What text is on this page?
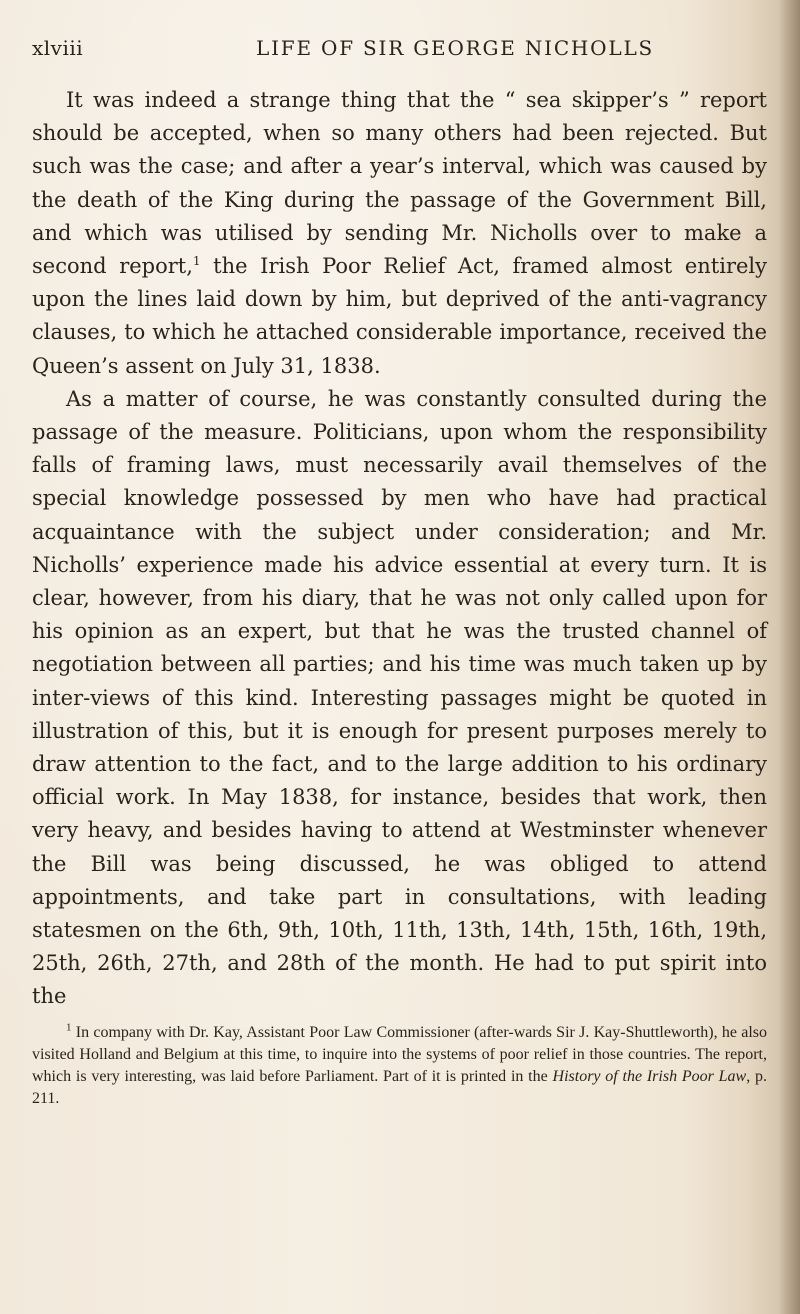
xlviii	LIFE OF SIR GEORGE NICHOLLS

It was indeed a strange thing that the “ sea skipper’s ” report should be accepted, when so many others had been rejected. But such was the case; and after a year’s interval, which was caused by the death of the King during the passage of the Government Bill, and which was utilised by sending Mr. Nicholls over to make a second report,$^1$ the Irish Poor Relief Act, framed almost entirely upon the lines laid down by him, but deprived of the anti-vagrancy clauses, to which he attached considerable importance, received the Queen’s assent on July 31, 1838.

As a matter of course, he was constantly consulted during the passage of the measure. Politicians, upon whom the responsibility falls of framing laws, must necessarily avail themselves of the special knowledge possessed by men who have had practical acquaintance with the subject under consideration; and Mr. Nicholls’ experience made his advice essential at every turn. It is clear, however, from his diary, that he was not only called upon for his opinion as an expert, but that he was the trusted channel of negotiation between all parties; and his time was much taken up by inter-views of this kind. Interesting passages might be quoted in illustration of this, but it is enough for present purposes merely to draw attention to the fact, and to the large addition to his ordinary official work. In May 1838, for instance, besides that work, then very heavy, and besides having to attend at Westminster whenever the Bill was being discussed, he was obliged to attend appointments, and take part in consultations, with leading statesmen on the 6th, 9th, 10th, 11th, 13th, 14th, 15th, 16th, 19th, 25th, 26th, 27th, and 28th of the month. He had to put spirit into the

$^1$ In company with Dr. Kay, Assistant Poor Law Commissioner (after-wards Sir J. Kay-Shuttleworth), he also visited Holland and Belgium at this time, to inquire into the systems of poor relief in those countries. The report, which is very interesting, was laid before Parliament. Part of it is printed in the History of the Irish Poor Law, p. 211.
